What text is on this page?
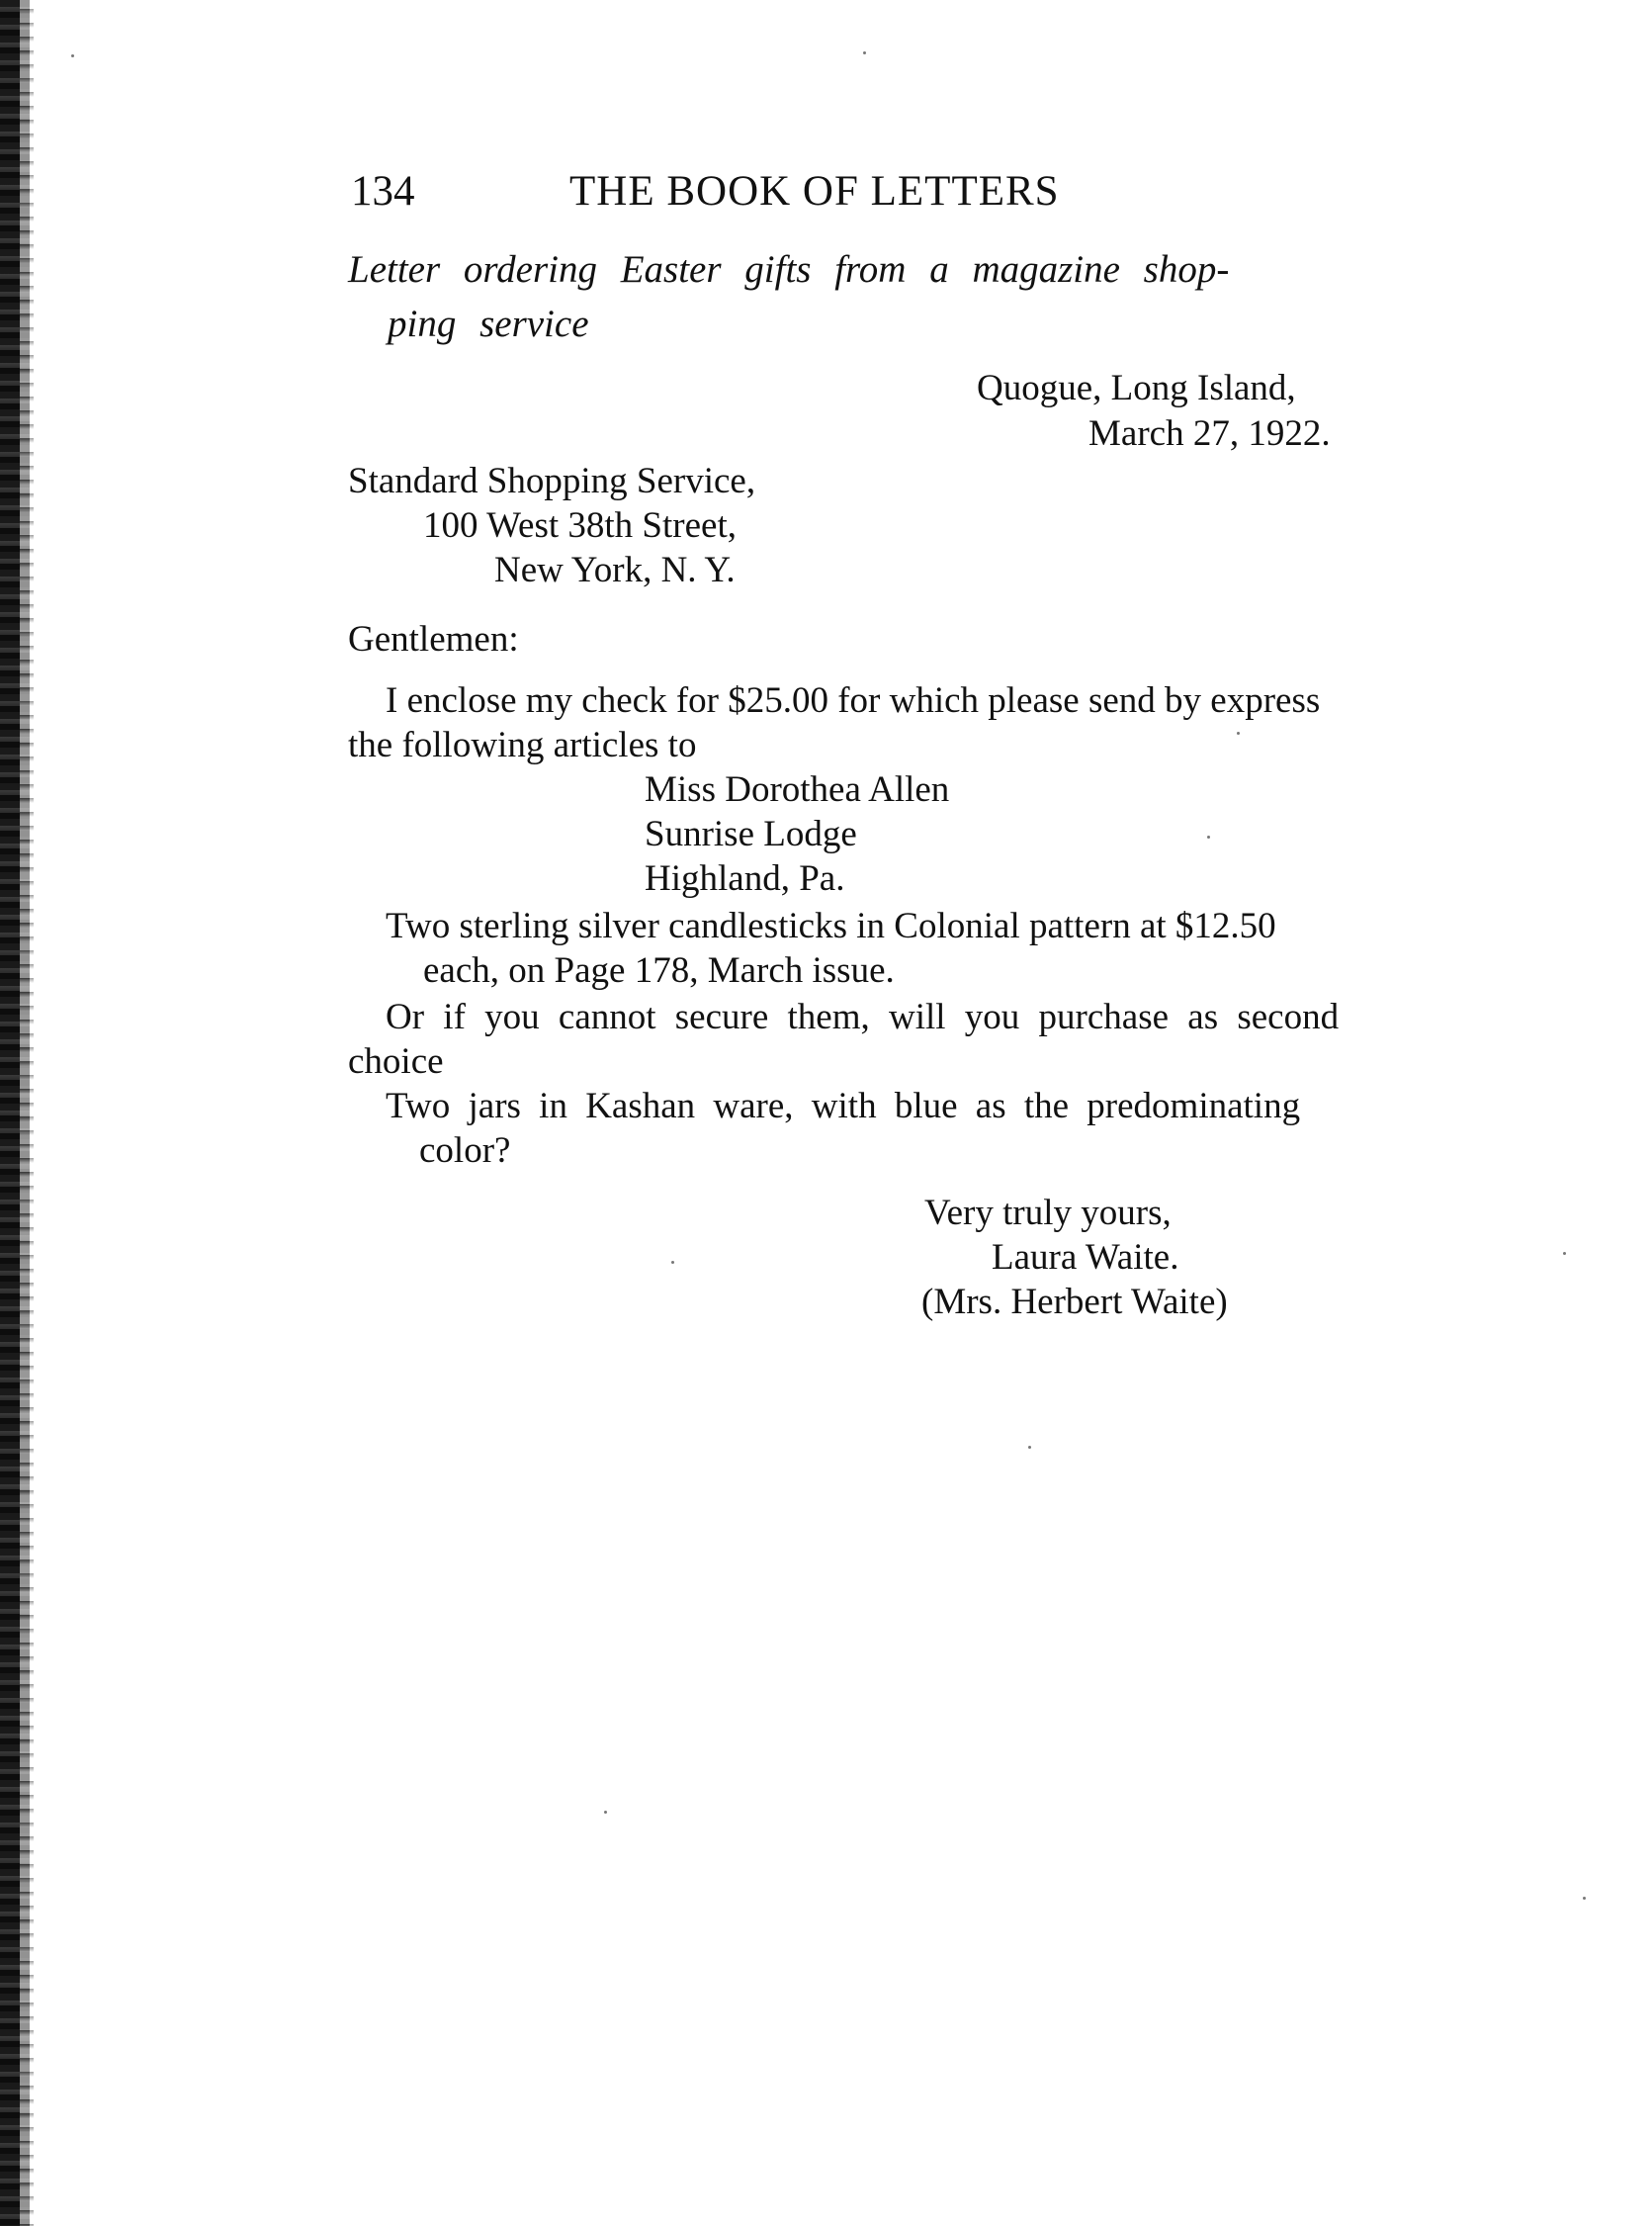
134	THE BOOK OF LETTERS
Letter ordering Easter gifts from a magazine shop-
ping service
Quogue, Long Island,
March 27, 1922.
Standard Shopping Service,
100 West 38th Street,
New York, N. Y.
Gentlemen:
I enclose my check for $25.00 for which please send by express
the following articles to
Miss Dorothea Allen
Sunrise Lodge
Highland, Pa.
Two sterling silver candlesticks in Colonial pattern at $12.50
each, on Page 178, March issue.
Or if you cannot secure them, will you purchase as second
choice
Two jars in Kashan ware, with blue as the predominating
color?
Very truly yours,
Laura Waite.
(Mrs. Herbert Waite)
